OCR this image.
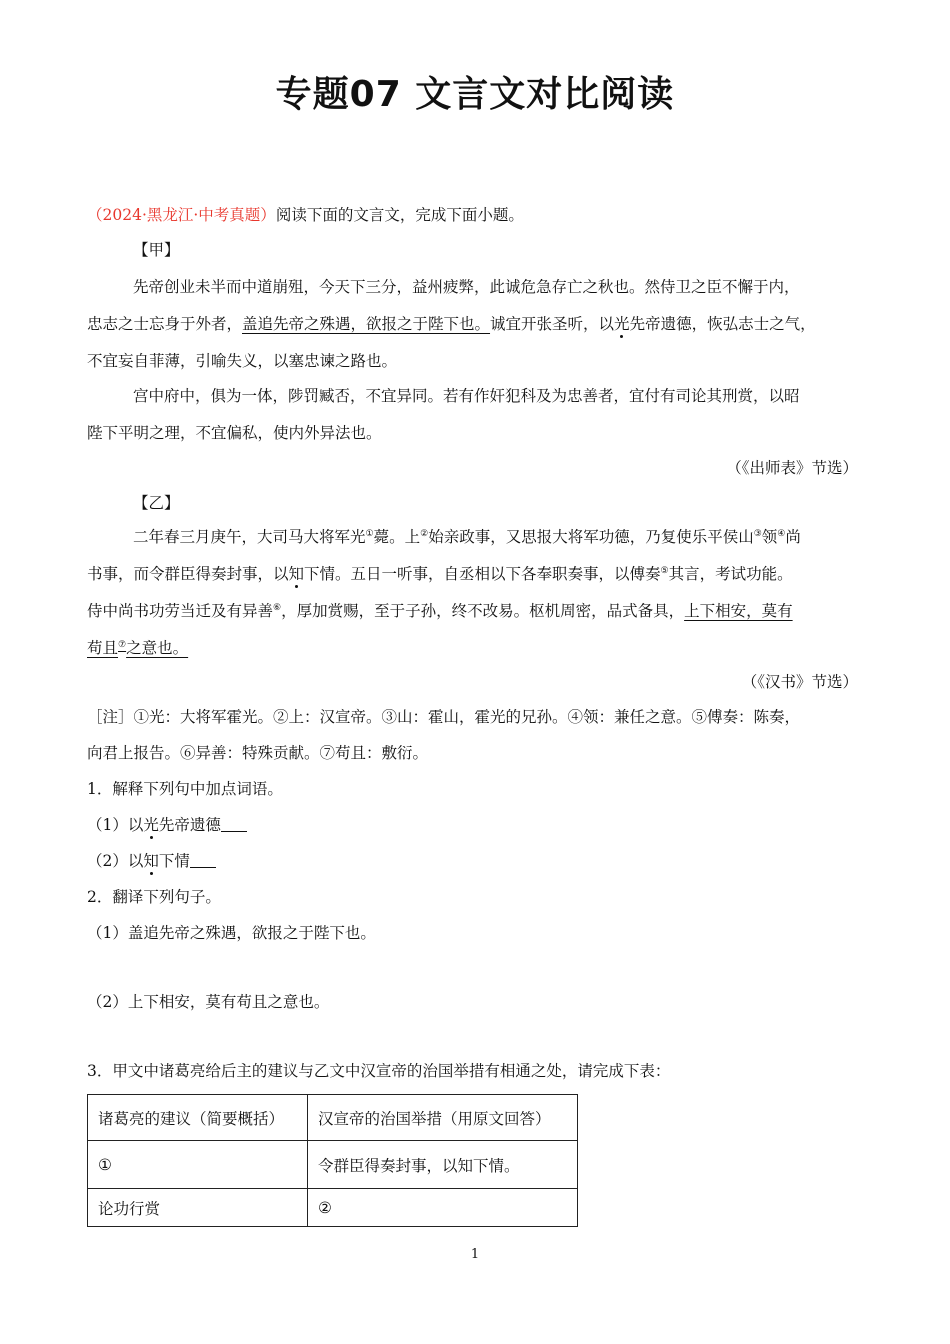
专题07 文言文对比阅读
（2024·黑龙江·中考真题）阅读下面的文言文，完成下面小题。
【甲】
先帝创业未半而中道崩殂，今天下三分，益州疲弊，此诚危急存亡之秋也。然侍卫之臣不懈于内，
忠志之士忘身于外者，盖追先帝之殊遇，欲报之于陛下也。诚宜开张圣听，以光先帝遗德，恢弘志士之气，
不宜妄自菲薄，引喻失义，以塞忠谏之路也。
宫中府中，俱为一体，陟罚臧否，不宜异同。若有作奸犯科及为忠善者，宜付有司论其刑赏，以昭
陛下平明之理，不宜偏私，使内外异法也。
（《出师表》节选）
【乙】
二年春三月庚午，大司马大将军光①薨。上②始亲政事，又思报大将军功德，乃复使乐平侯山③领④尚
书事，而令群臣得奏封事，以知下情。五日一听事，自丞相以下各奉职奏事，以傅奏⑤其言，考试功能。
侍中尚书功劳当迁及有异善⑥，厚加赏赐，至于子孙，终不改易。枢机周密，品式备具，上下相安，莫有
苟且⑦之意也。
（《汉书》节选）
［注］①光：大将军霍光。②上：汉宣帝。③山：霍山，霍光的兄孙。④领：兼任之意。⑤傅奏：陈奏，
向君上报告。⑥异善：特殊贡献。⑦苟且：敷衍。
1．解释下列句中加点词语。
（1）以光先帝遗德
（2）以知下情
2．翻译下列句子。
（1）盖追先帝之殊遇，欲报之于陛下也。
（2）上下相安，莫有苟且之意也。
3．甲文中诸葛亮给后主的建议与乙文中汉宣帝的治国举措有相通之处，请完成下表：
诸葛亮的建议（简要概括）	汉宣帝的治国举措（用原文回答）
①	令群臣得奏封事，以知下情。
论功行赏	②
1
